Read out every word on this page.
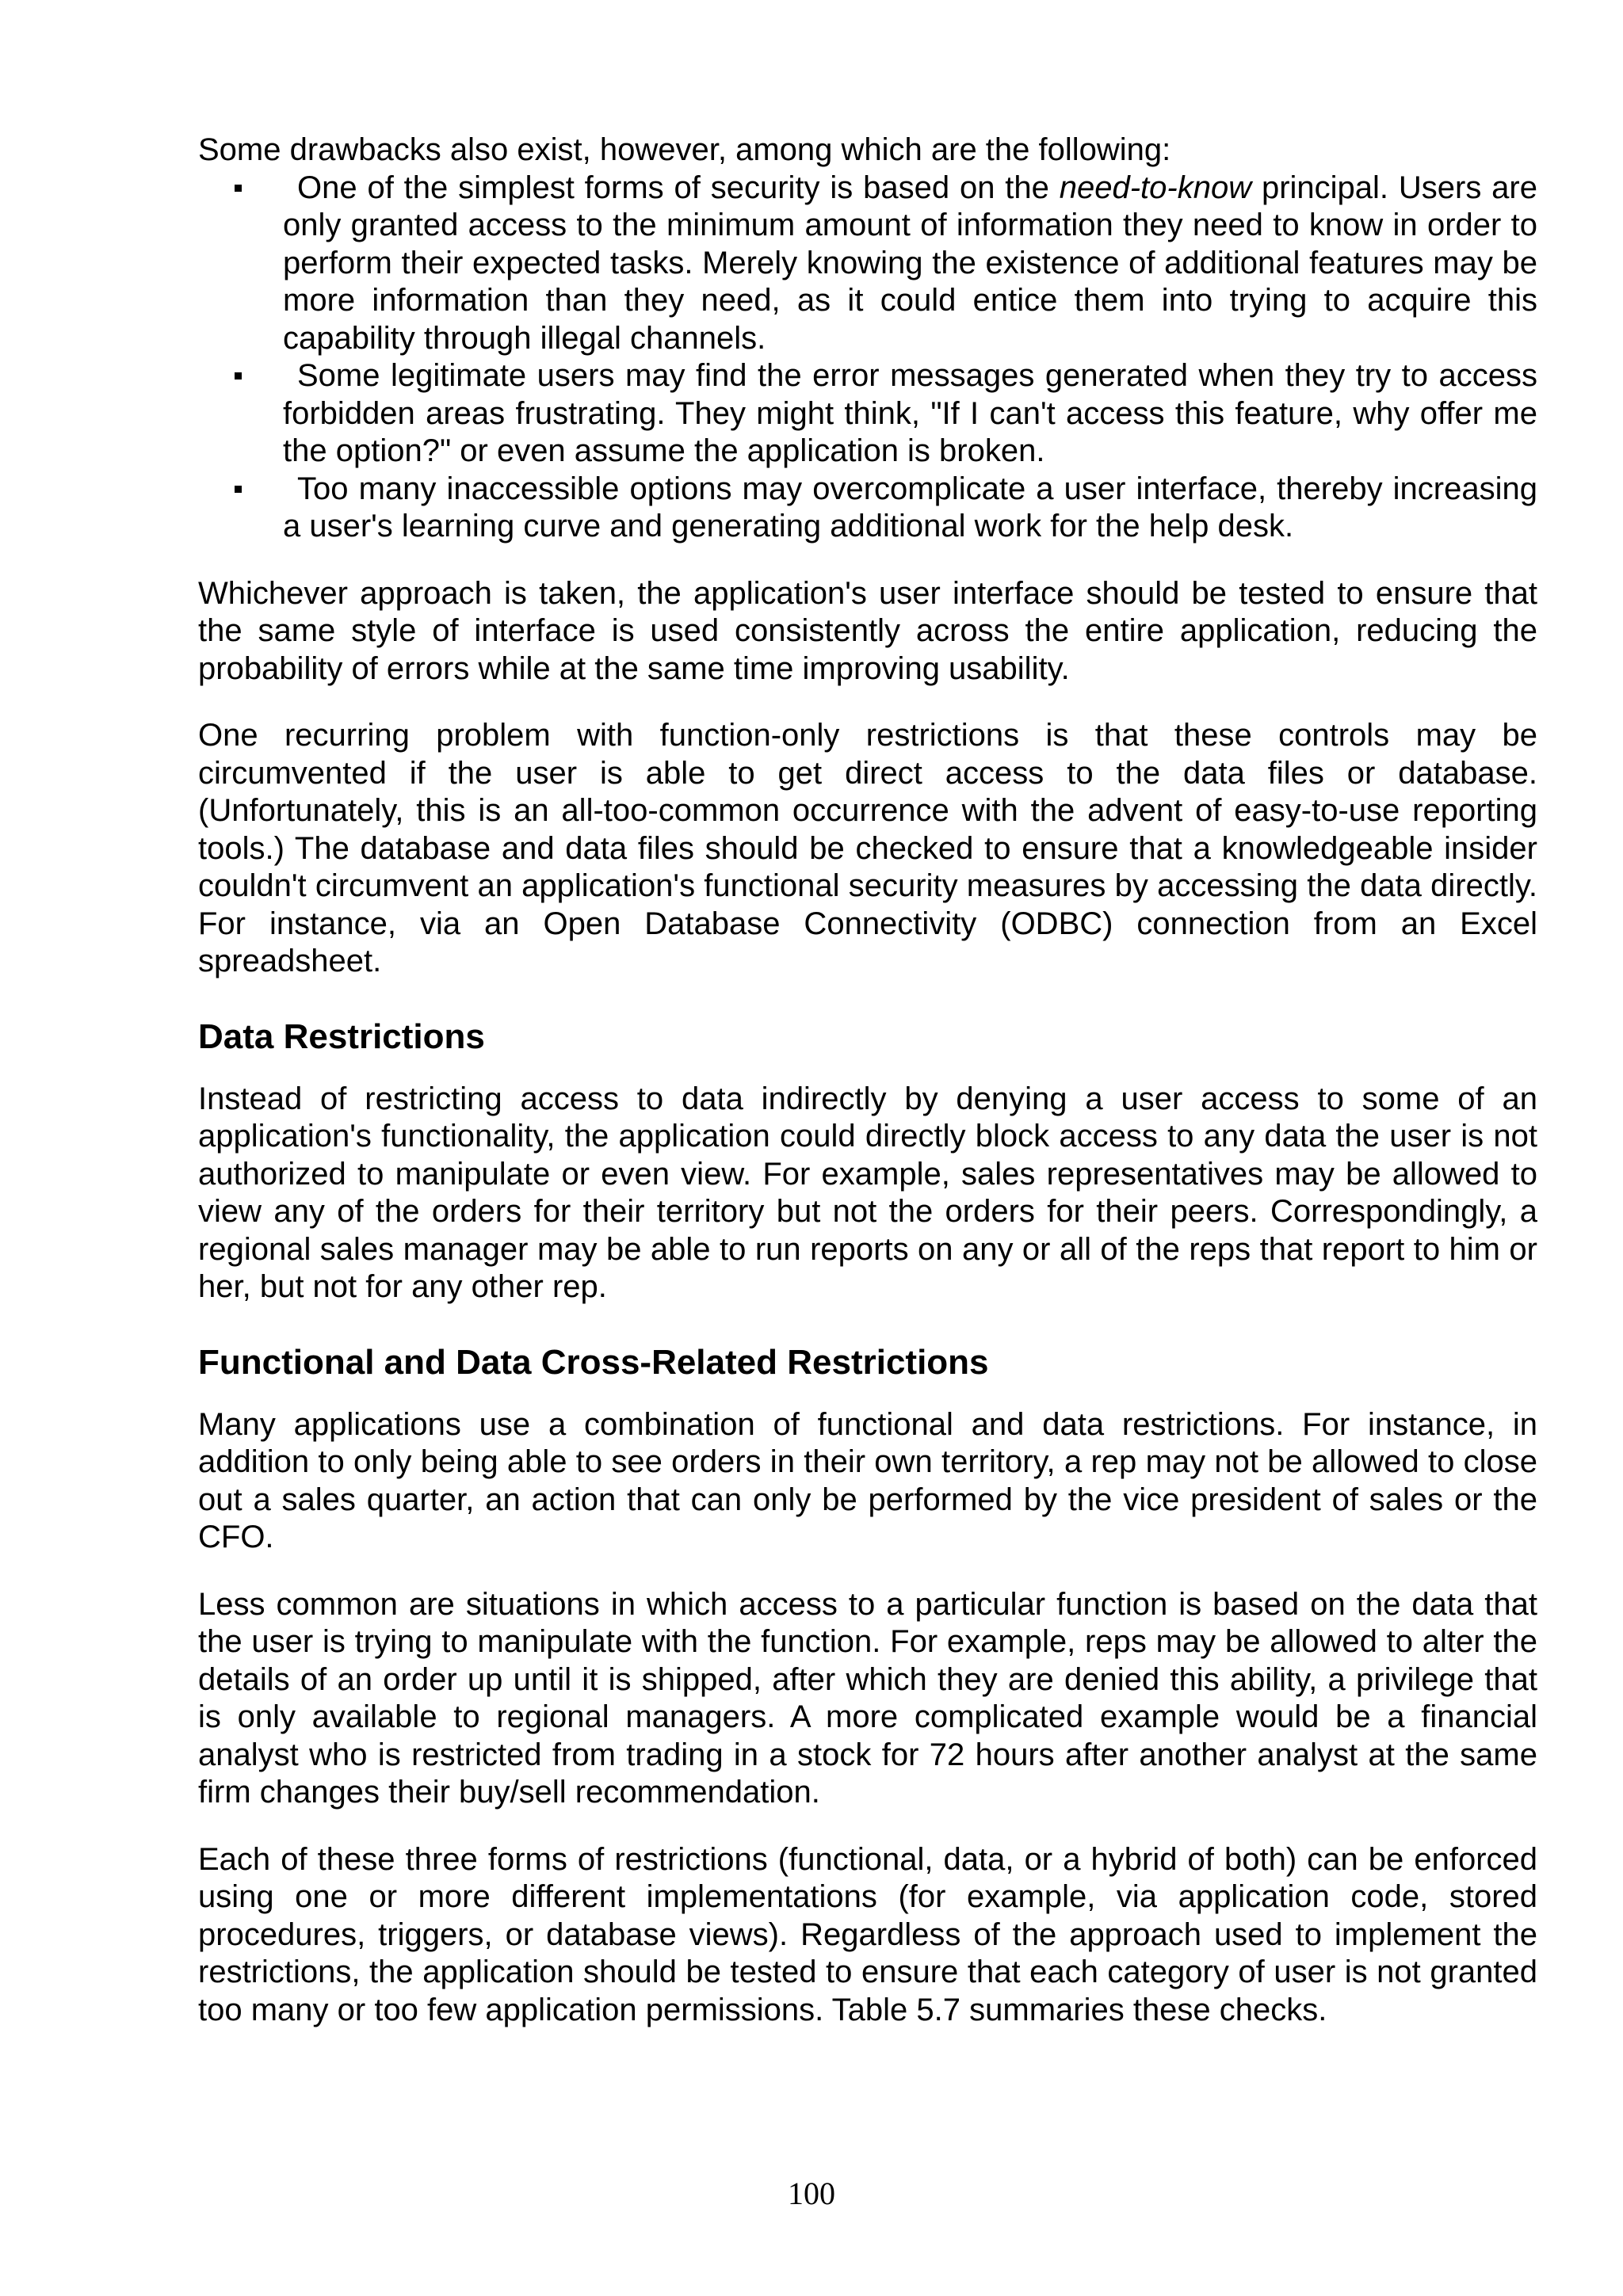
Some drawbacks also exist, however, among which are the following:

One of the simplest forms of security is based on the need-to-know principal. Users are only granted access to the minimum amount of information they need to know in order to perform their expected tasks. Merely knowing the existence of additional features may be more information than they need, as it could entice them into trying to acquire this capability through illegal channels.
Some legitimate users may find the error messages generated when they try to access forbidden areas frustrating. They might think, "If I can't access this feature, why offer me the option?" or even assume the application is broken.
Too many inaccessible options may overcomplicate a user interface, thereby increasing a user's learning curve and generating additional work for the help desk.

Whichever approach is taken, the application's user interface should be tested to ensure that the same style of interface is used consistently across the entire application, reducing the probability of errors while at the same time improving usability.

One recurring problem with function-only restrictions is that these controls may be circumvented if the user is able to get direct access to the data files or database. (Unfortunately, this is an all-too-common occurrence with the advent of easy-to-use reporting tools.) The database and data files should be checked to ensure that a knowledgeable insider couldn't circumvent an application's functional security measures by accessing the data directly. For instance, via an Open Database Connectivity (ODBC) connection from an Excel spreadsheet.

Data Restrictions

Instead of restricting access to data indirectly by denying a user access to some of an application's functionality, the application could directly block access to any data the user is not authorized to manipulate or even view. For example, sales representatives may be allowed to view any of the orders for their territory but not the orders for their peers. Correspondingly, a regional sales manager may be able to run reports on any or all of the reps that report to him or her, but not for any other rep.

Functional and Data Cross-Related Restrictions

Many applications use a combination of functional and data restrictions. For instance, in addition to only being able to see orders in their own territory, a rep may not be allowed to close out a sales quarter, an action that can only be performed by the vice president of sales or the CFO.

Less common are situations in which access to a particular function is based on the data that the user is trying to manipulate with the function. For example, reps may be allowed to alter the details of an order up until it is shipped, after which they are denied this ability, a privilege that is only available to regional managers. A more complicated example would be a financial analyst who is restricted from trading in a stock for 72 hours after another analyst at the same firm changes their buy/sell recommendation.

Each of these three forms of restrictions (functional, data, or a hybrid of both) can be enforced using one or more different implementations (for example, via application code, stored procedures, triggers, or database views). Regardless of the approach used to implement the restrictions, the application should be tested to ensure that each category of user is not granted too many or too few application permissions. Table 5.7 summaries these checks.

100
